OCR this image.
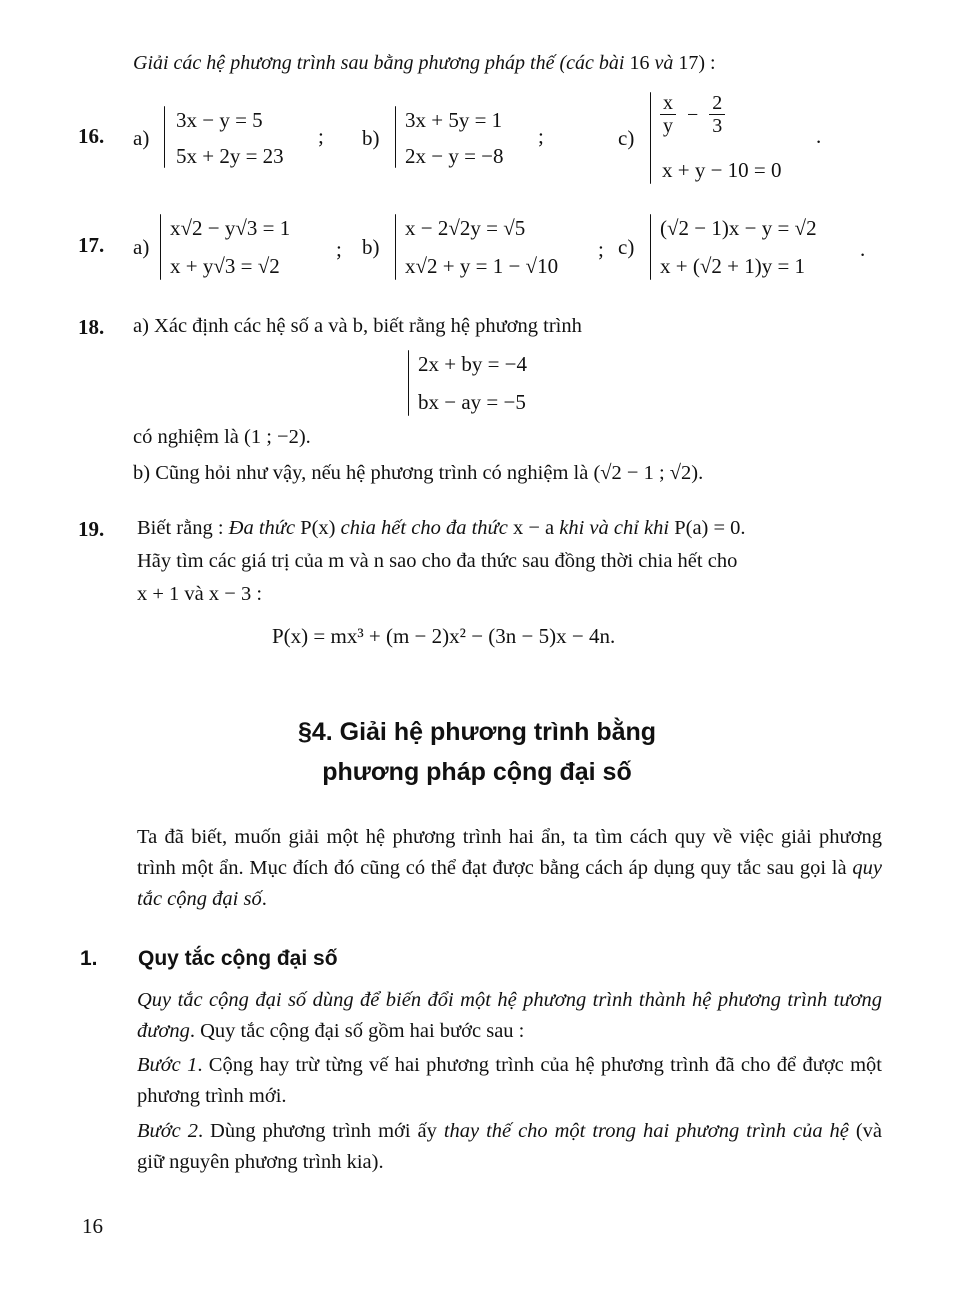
Giải các hệ phương trình sau bằng phương pháp thế (các bài 16 và 17) :
16. a)
3x − y = 5
5x + 2y = 23
; b)
3x + 5y = 1
2x − y = −8
;	c)
$\frac{x}{y} - \frac{2}{3}$
x + y − 10 = 0
.
17. a)
x√2 − y√3 = 1
x + y√3 = √2
; b)
x − 2√2y = √5
x√2 + y = 1 − √10
; c)
(√2 − 1)x − y = √2
x + (√2 + 1)y = 1
.
18. a) Xác định các hệ số a và b, biết rằng hệ phương trình
2x + by = −4
bx − ay = −5
có nghiệm là (1 ; −2).
b) Cũng hỏi như vậy, nếu hệ phương trình có nghiệm là (√2 − 1 ; √2).
19. Biết rằng : Đa thức P(x) chia hết cho đa thức x − a khi và chỉ khi P(a) = 0.
Hãy tìm các giá trị của m và n sao cho đa thức sau đồng thời chia hết cho
x + 1 và x − 3 :
P(x) = mx³ + (m − 2)x² − (3n − 5)x − 4n.
§4. Giải hệ phương trình bằng
phương pháp cộng đại số
Ta đã biết, muốn giải một hệ phương trình hai ẩn, ta tìm cách quy về việc giải phương trình một ẩn. Mục đích đó cũng có thể đạt được bằng cách áp dụng quy tắc sau gọi là quy tắc cộng đại số.
1. Quy tắc cộng đại số
Quy tắc cộng đại số dùng để biến đổi một hệ phương trình thành hệ phương trình tương đương. Quy tắc cộng đại số gồm hai bước sau :
Bước 1. Cộng hay trừ từng vế hai phương trình của hệ phương trình đã cho để được một phương trình mới.
Bước 2. Dùng phương trình mới ấy thay thế cho một trong hai phương trình của hệ (và giữ nguyên phương trình kia).
16
